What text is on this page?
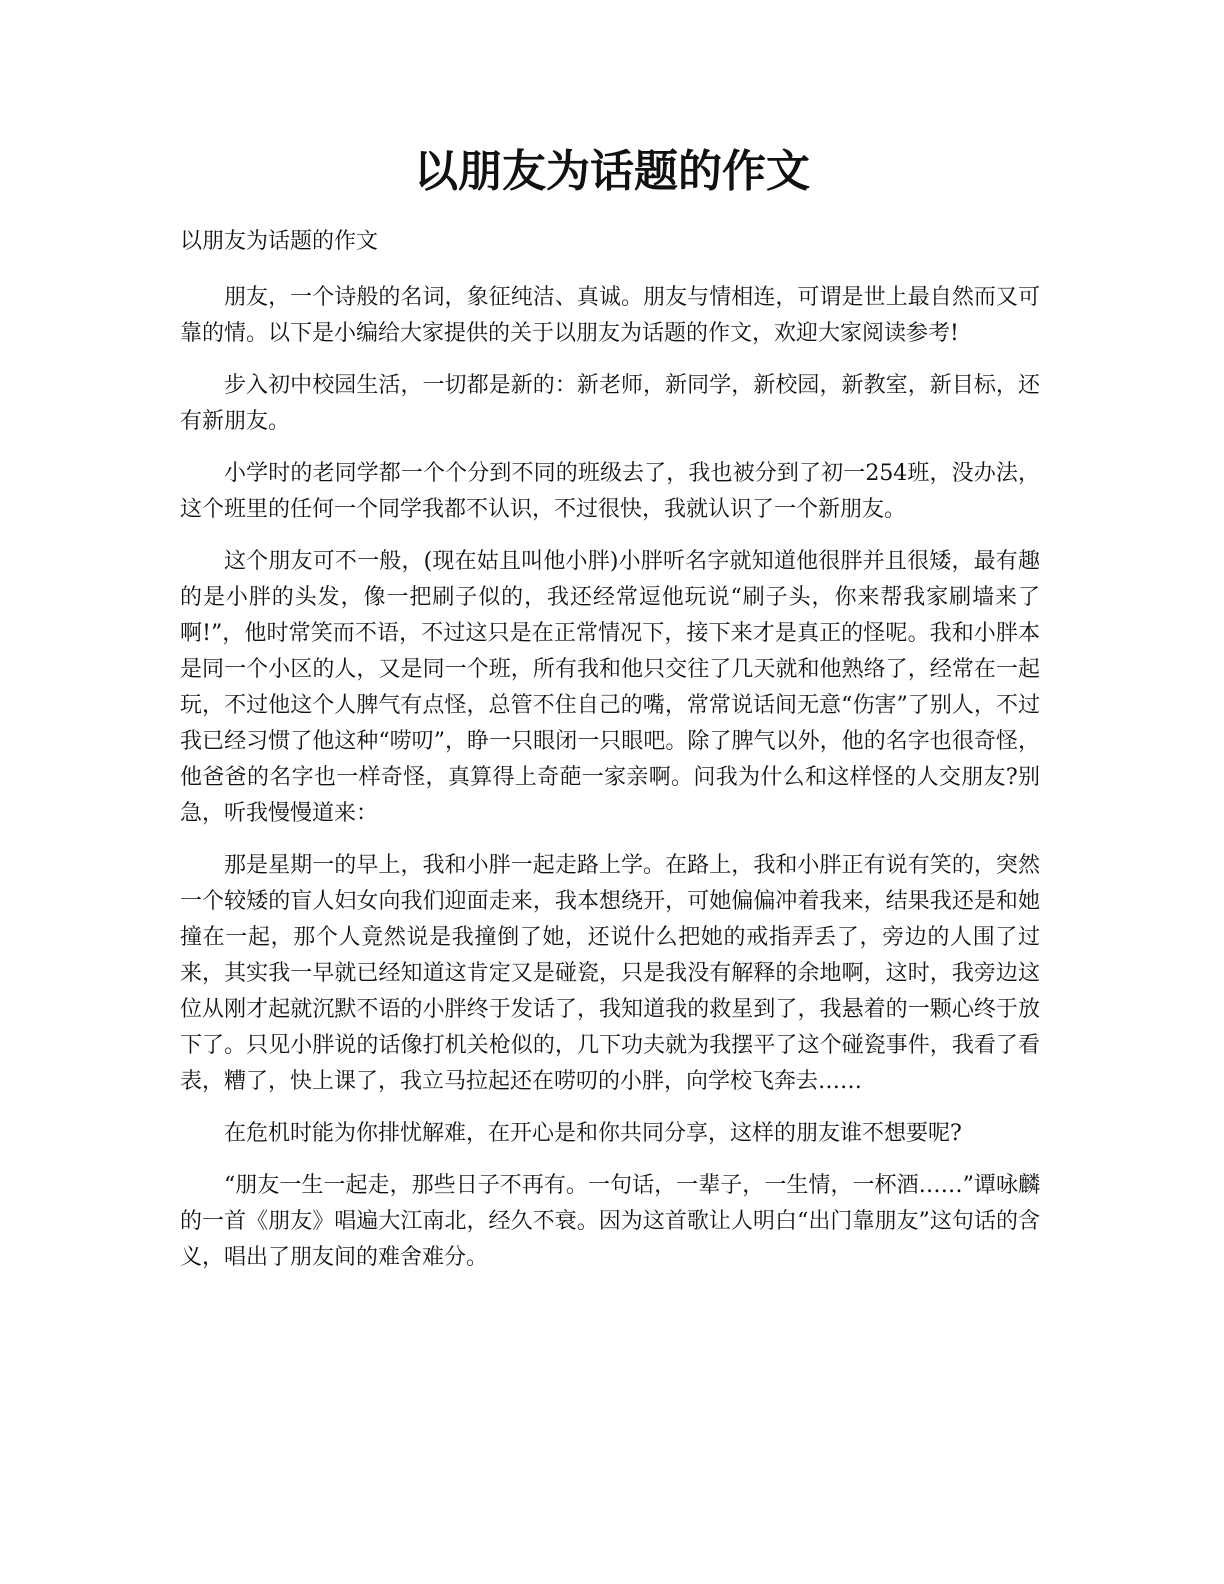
以朋友为话题的作文

以朋友为话题的作文

朋友，一个诗般的名词，象征纯洁、真诚。朋友与情相连，可谓是世上最自然而又可靠的情。以下是小编给大家提供的关于以朋友为话题的作文，欢迎大家阅读参考!

步入初中校园生活，一切都是新的：新老师，新同学，新校园，新教室，新目标，还有新朋友。

小学时的老同学都一个个分到不同的班级去了，我也被分到了初一254班，没办法，这个班里的任何一个同学我都不认识，不过很快，我就认识了一个新朋友。

这个朋友可不一般，(现在姑且叫他小胖)小胖听名字就知道他很胖并且很矮，最有趣的是小胖的头发，像一把刷子似的，我还经常逗他玩说“刷子头，你来帮我家刷墙来了啊!”，他时常笑而不语，不过这只是在正常情况下，接下来才是真正的怪呢。我和小胖本是同一个小区的人，又是同一个班，所有我和他只交往了几天就和他熟络了，经常在一起玩，不过他这个人脾气有点怪，总管不住自己的嘴，常常说话间无意“伤害”了别人，不过我已经习惯了他这种“唠叨”，睁一只眼闭一只眼吧。除了脾气以外，他的名字也很奇怪，他爸爸的名字也一样奇怪，真算得上奇葩一家亲啊。问我为什么和这样怪的人交朋友?别急，听我慢慢道来：

那是星期一的早上，我和小胖一起走路上学。在路上，我和小胖正有说有笑的，突然一个较矮的盲人妇女向我们迎面走来，我本想绕开，可她偏偏冲着我来，结果我还是和她撞在一起，那个人竟然说是我撞倒了她，还说什么把她的戒指弄丢了，旁边的人围了过来，其实我一早就已经知道这肯定又是碰瓷，只是我没有解释的余地啊，这时，我旁边这位从刚才起就沉默不语的小胖终于发话了，我知道我的救星到了，我悬着的一颗心终于放下了。只见小胖说的话像打机关枪似的，几下功夫就为我摆平了这个碰瓷事件，我看了看表，糟了，快上课了，我立马拉起还在唠叨的小胖，向学校飞奔去……

在危机时能为你排忧解难，在开心是和你共同分享，这样的朋友谁不想要呢?

“朋友一生一起走，那些日子不再有。一句话，一辈子，一生情，一杯酒……”谭咏麟的一首《朋友》唱遍大江南北，经久不衰。因为这首歌让人明白“出门靠朋友”这句话的含义，唱出了朋友间的难舍难分。
